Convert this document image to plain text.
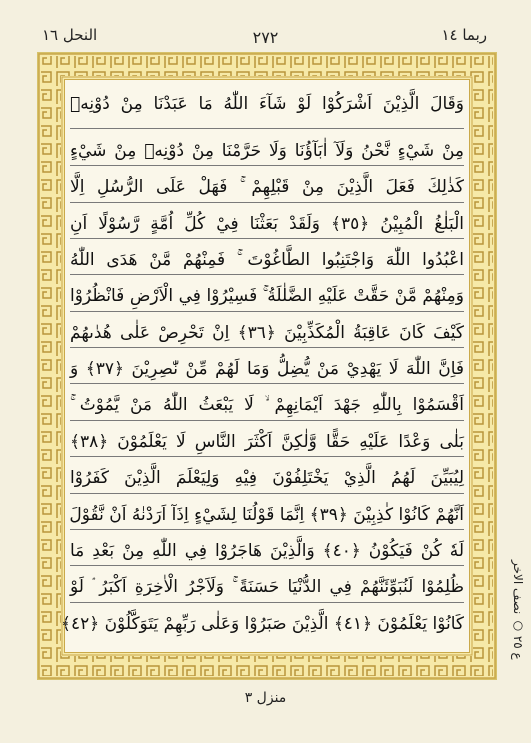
النحل ١٦	٢٧٢	ربما ١٤
وَقَالَ الَّذِيْنَ اَشْرَكُوْا لَوْ شَآءَ اللّٰهُ مَا عَبَدْنَا مِنْ دُوْنِهٖ
مِنْ شَيْءٍ نَّحْنُ وَلَآ اٰبَآؤُنَا وَلَا حَرَّمْنَا مِنْ دُوْنِهٖ مِنْ شَيْءٍ
كَذٰلِكَ فَعَلَ الَّذِيْنَ مِنْ قَبْلِهِمْ ۚ فَهَلْ عَلَى الرُّسُلِ اِلَّا
الْبَلٰغُ الْمُبِيْنُ ﴿٣٥﴾ وَلَقَدْ بَعَثْنَا فِيْ كُلِّ اُمَّةٍ رَّسُوْلًا اَنِ
اعْبُدُوا اللّٰهَ وَاجْتَنِبُوا الطَّاغُوْتَ ۚ فَمِنْهُمْ مَّنْ هَدَى اللّٰهُ
وَمِنْهُمْ مَّنْ حَقَّتْ عَلَيْهِ الضَّلٰلَةُ ۚ فَسِيْرُوْا فِي الْاَرْضِ فَانْظُرُوْا
كَيْفَ كَانَ عَاقِبَةُ الْمُكَذِّبِيْنَ ﴿٣٦﴾ اِنْ تَحْرِصْ عَلٰى هُدٰىهُمْ
فَاِنَّ اللّٰهَ لَا يَهْدِيْ مَنْ يُّضِلُّ وَمَا لَهُمْ مِّنْ نّٰصِرِيْنَ ﴿٣٧﴾ وَ
اَقْسَمُوْا بِاللّٰهِ جَهْدَ اَيْمَانِهِمْ ۙ لَا يَبْعَثُ اللّٰهُ مَنْ يَّمُوْتُ ۚ
بَلٰى وَعْدًا عَلَيْهِ حَقًّا وَّلٰكِنَّ اَكْثَرَ النَّاسِ لَا يَعْلَمُوْنَ ﴿٣٨﴾
لِيُبَيِّنَ لَهُمُ الَّذِيْ يَخْتَلِفُوْنَ فِيْهِ وَلِيَعْلَمَ الَّذِيْنَ كَفَرُوْا
اَنَّهُمْ كَانُوْا كٰذِبِيْنَ ﴿٣٩﴾ اِنَّمَا قَوْلُنَا لِشَيْءٍ اِذَآ اَرَدْنٰهُ اَنْ نَّقُوْلَ
لَهٗ كُنْ فَيَكُوْنُ ﴿٤٠﴾ وَالَّذِيْنَ هَاجَرُوْا فِي اللّٰهِ مِنْ بَعْدِ مَا
ظُلِمُوْا لَنُبَوِّئَنَّهُمْ فِي الدُّنْيَا حَسَنَةً ۚ وَلَاَجْرُ الْاٰخِرَةِ اَكْبَرُ ۘ لَوْ
كَانُوْا يَعْلَمُوْنَ ﴿٤١﴾ الَّذِيْنَ صَبَرُوْا وَعَلٰى رَبِّهِمْ يَتَوَكَّلُوْنَ ﴿٤٢﴾	ع ٢٥ ○ نصف الاخر
منزل ٣
